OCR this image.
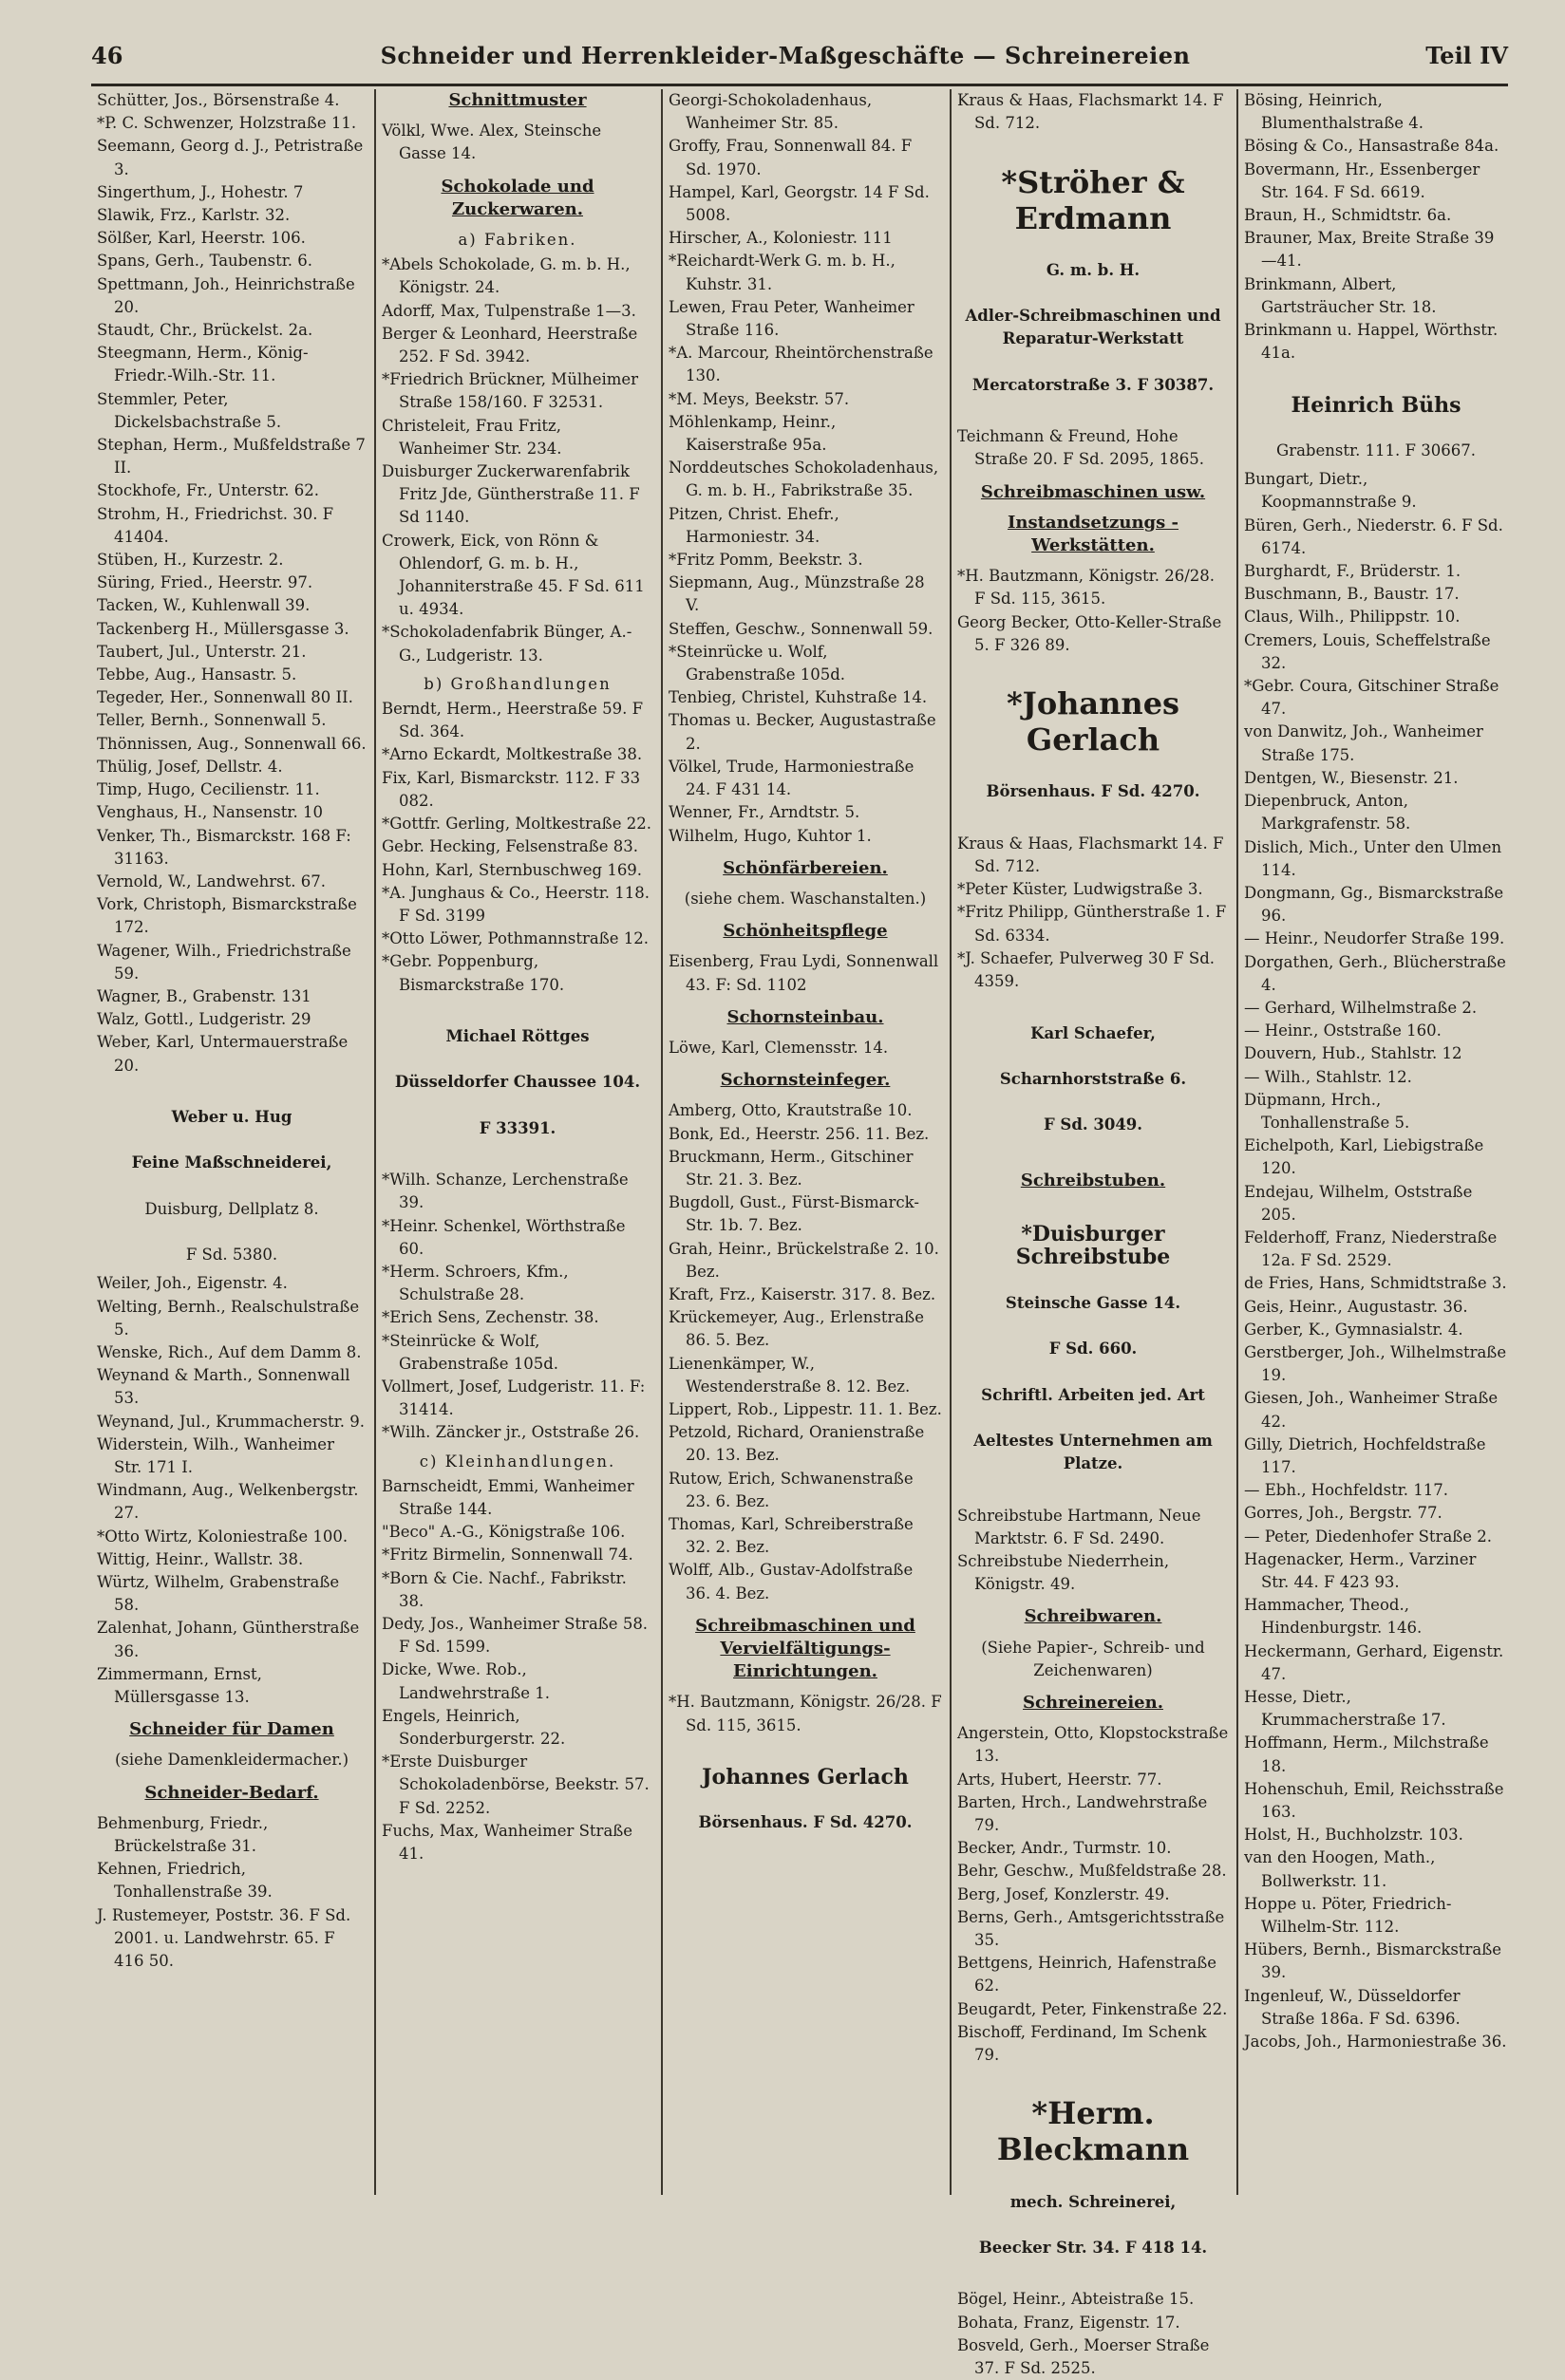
46	Schneider und Herrenkleider-Maßgeschäfte — Schreinereien	Teil IV

Schütter, Jos., Börsenstraße 4.

*P. C. Schwenzer, Holzstraße 11.

Seemann, Georg d. J., Petristraße 3.

Singerthum, J., Hohestr. 7

Slawik, Frz., Karlstr. 32.

Sölßer, Karl, Heerstr. 106.

Spans, Gerh., Taubenstr. 6.

Spettmann, Joh., Heinrichstraße 20.

Staudt, Chr., Brückelst. 2a.

Steegmann, Herm., König-Friedr.-Wilh.-Str. 11.

Stemmler, Peter, Dickelsbachstraße 5.

Stephan, Herm., Mußfeldstraße 7 II.

Stockhofe, Fr., Unterstr. 62.

Strohm, H., Friedrichst. 30. F 41404.

Stüben, H., Kurzestr. 2.

Süring, Fried., Heerstr. 97.

Tacken, W., Kuhlenwall 39.

Tackenberg H., Müllersgasse 3.

Taubert, Jul., Unterstr. 21.

Tebbe, Aug., Hansastr. 5.

Tegeder, Her., Sonnenwall 80 II.

Teller, Bernh., Sonnenwall 5.

Thönnissen, Aug., Sonnenwall 66.

Thülig, Josef, Dellstr. 4.

Timp, Hugo, Cecilienstr. 11.

Venghaus, H., Nansenstr. 10

Venker, Th., Bismarckstr. 168 F: 31163.

Vernold, W., Landwehrst. 67.

Vork, Christoph, Bismarckstraße 172.

Wagener, Wilh., Friedrichstraße 59.

Wagner, B., Grabenstr. 131

Walz, Gottl., Ludgeristr. 29

Weber, Karl, Untermauerstraße 20.

Weber u. Hug

Feine Maßschneiderei,

Duisburg, Dellplatz 8.

F Sd. 5380.

Weiler, Joh., Eigenstr. 4.

Welting, Bernh., Realschulstraße 5.

Wenske, Rich., Auf dem Damm 8.

Weynand & Marth., Sonnenwall 53.

Weynand, Jul., Krummacherstr. 9.

Widerstein, Wilh., Wanheimer Str. 171 I.

Windmann, Aug., Welkenbergstr. 27.

*Otto Wirtz, Koloniestraße 100.

Wittig, Heinr., Wallstr. 38.

Würtz, Wilhelm, Grabenstraße 58.

Zalenhat, Johann, Güntherstraße 36.

Zimmermann, Ernst, Müllersgasse 13.

Schneider für Damen
(siehe Damenkleidermacher.)
Schneider-Bedarf.

Behmenburg, Friedr., Brückelstraße 31.

Kehnen, Friedrich, Tonhallenstraße 39.

J. Rustemeyer, Poststr. 36. F Sd. 2001. u. Landwehrstr. 65. F 416 50.

Schnittmuster

Völkl, Wwe. Alex, Steinsche Gasse 14.

Schokolade und Zuckerwaren.
a) Fabriken.

*Abels Schokolade, G. m. b. H., Königstr. 24.

Adorff, Max, Tulpenstraße 1—3.

Berger & Leonhard, Heerstraße 252. F Sd. 3942.

*Friedrich Brückner, Mülheimer Straße 158/160. F 32531.

Christeleit, Frau Fritz, Wanheimer Str. 234.

Duisburger Zuckerwarenfabrik Fritz Jde, Güntherstraße 11. F Sd 1140.

Crowerk, Eick, von Rönn & Ohlendorf, G. m. b. H., Johanniterstraße 45. F Sd. 611 u. 4934.

*Schokoladenfabrik Bünger, A.-G., Ludgeristr. 13.

b) Großhandlungen

Berndt, Herm., Heerstraße 59. F Sd. 364.

*Arno Eckardt, Moltkestraße 38.

Fix, Karl, Bismarckstr. 112. F 33 082.

*Gottfr. Gerling, Moltkestraße 22.

Gebr. Hecking, Felsenstraße 83.

Hohn, Karl, Sternbuschweg 169.

*A. Junghaus & Co., Heerstr. 118. F Sd. 3199

*Otto Löwer, Pothmannstraße 12.

*Gebr. Poppenburg, Bismarckstraße 170.

Michael Röttges

Düsseldorfer Chaussee 104.

F 33391.

*Wilh. Schanze, Lerchenstraße 39.

*Heinr. Schenkel, Wörthstraße 60.

*Herm. Schroers, Kfm., Schulstraße 28.

*Erich Sens, Zechenstr. 38.

*Steinrücke & Wolf, Grabenstraße 105d.

Vollmert, Josef, Ludgeristr. 11. F: 31414.

*Wilh. Zäncker jr., Oststraße 26.

c) Kleinhandlungen.

Barnscheidt, Emmi, Wanheimer Straße 144.

"Beco" A.-G., Königstraße 106.

*Fritz Birmelin, Sonnenwall 74.

*Born & Cie. Nachf., Fabrikstr. 38.

Dedy, Jos., Wanheimer Straße 58. F Sd. 1599.

Dicke, Wwe. Rob., Landwehrstraße 1.

Engels, Heinrich, Sonderburgerstr. 22.

*Erste Duisburger Schokoladenbörse, Beekstr. 57. F Sd. 2252.

Fuchs, Max, Wanheimer Straße 41.

Georgi-Schokoladenhaus, Wanheimer Str. 85.

Groffy, Frau, Sonnenwall 84. F Sd. 1970.

Hampel, Karl, Georgstr. 14 F Sd. 5008.

Hirscher, A., Koloniestr. 111

*Reichardt-Werk G. m. b. H., Kuhstr. 31.

Lewen, Frau Peter, Wanheimer Straße 116.

*A. Marcour, Rheintörchenstraße 130.

*M. Meys, Beekstr. 57.

Möhlenkamp, Heinr., Kaiserstraße 95a.

Norddeutsches Schokoladenhaus, G. m. b. H., Fabrikstraße 35.

Pitzen, Christ. Ehefr., Harmoniestr. 34.

*Fritz Pomm, Beekstr. 3.

Siepmann, Aug., Münzstraße 28 V.

Steffen, Geschw., Sonnenwall 59.

*Steinrücke u. Wolf, Grabenstraße 105d.

Tenbieg, Christel, Kuhstraße 14.

Thomas u. Becker, Augustastraße 2.

Völkel, Trude, Harmoniestraße 24. F 431 14.

Wenner, Fr., Arndtstr. 5.

Wilhelm, Hugo, Kuhtor 1.

Schönfärbereien.
(siehe chem. Waschanstalten.)
Schönheitspflege

Eisenberg, Frau Lydi, Sonnenwall 43. F: Sd. 1102

Schornsteinbau.

Löwe, Karl, Clemensstr. 14.

Schornsteinfeger.

Amberg, Otto, Krautstraße 10.

Bonk, Ed., Heerstr. 256. 11. Bez.

Bruckmann, Herm., Gitschiner Str. 21. 3. Bez.

Bugdoll, Gust., Fürst-Bismarck-Str. 1b. 7. Bez.

Grah, Heinr., Brückelstraße 2. 10. Bez.

Kraft, Frz., Kaiserstr. 317. 8. Bez.

Krückemeyer, Aug., Erlenstraße 86. 5. Bez.

Lienenkämper, W., Westenderstraße 8. 12. Bez.

Lippert, Rob., Lippestr. 11. 1. Bez.

Petzold, Richard, Oranienstraße 20. 13. Bez.

Rutow, Erich, Schwanenstraße 23. 6. Bez.

Thomas, Karl, Schreiberstraße 32. 2. Bez.

Wolff, Alb., Gustav-Adolfstraße 36. 4. Bez.

Schreibmaschinen und Vervielfältigungs-Einrichtungen.

*H. Bautzmann, Königstr. 26/28. F Sd. 115, 3615.

Johannes Gerlach

Börsenhaus. F Sd. 4270.

Kraus & Haas, Flachsmarkt 14. F Sd. 712.

*Ströher & Erdmann

G. m. b. H.

Adler-Schreibmaschinen und Reparatur-Werkstatt

Mercatorstraße 3. F 30387.

Teichmann & Freund, Hohe Straße 20. F Sd. 2095, 1865.

Schreibmaschinen usw.
Instandsetzungs - Werkstätten.

*H. Bautzmann, Königstr. 26/28. F Sd. 115, 3615.

Georg Becker, Otto-Keller-Straße 5. F 326 89.

*Johannes Gerlach

Börsenhaus. F Sd. 4270.

Kraus & Haas, Flachsmarkt 14. F Sd. 712.

*Peter Küster, Ludwigstraße 3.

*Fritz Philipp, Güntherstraße 1. F Sd. 6334.

*J. Schaefer, Pulverweg 30 F Sd. 4359.

Karl Schaefer,

Scharnhorststraße 6.

F Sd. 3049.

Schreibstuben.

*Duisburger Schreibstube

Steinsche Gasse 14.

F Sd. 660.

Schriftl. Arbeiten jed. Art

Aeltestes Unternehmen am Platze.

Schreibstube Hartmann, Neue Marktstr. 6. F Sd. 2490.

Schreibstube Niederrhein, Königstr. 49.

Schreibwaren.
(Siehe Papier-, Schreib- und Zeichenwaren)
Schreinereien.

Angerstein, Otto, Klopstockstraße 13.

Arts, Hubert, Heerstr. 77.

Barten, Hrch., Landwehrstraße 79.

Becker, Andr., Turmstr. 10.

Behr, Geschw., Mußfeldstraße 28.

Berg, Josef, Konzlerstr. 49.

Berns, Gerh., Amtsgerichtsstraße 35.

Bettgens, Heinrich, Hafenstraße 62.

Beugardt, Peter, Finkenstraße 22.

Bischoff, Ferdinand, Im Schenk 79.

*Herm. Bleckmann

mech. Schreinerei,

Beecker Str. 34. F 418 14.

Bögel, Heinr., Abteistraße 15.

Bohata, Franz, Eigenstr. 17.

Bosveld, Gerh., Moerser Straße 37. F Sd. 2525.

Bösing, Heinrich, Blumenthalstraße 4.

Bösing & Co., Hansastraße 84a.

Bovermann, Hr., Essenberger Str. 164. F Sd. 6619.

Braun, H., Schmidtstr. 6a.

Brauner, Max, Breite Straße 39—41.

Brinkmann, Albert, Gartsträucher Str. 18.

Brinkmann u. Happel, Wörthstr. 41a.

Heinrich Bühs

Grabenstr. 111. F 30667.

Bungart, Dietr., Koopmannstraße 9.

Büren, Gerh., Niederstr. 6. F Sd. 6174.

Burghardt, F., Brüderstr. 1.

Buschmann, B., Baustr. 17.

Claus, Wilh., Philippstr. 10.

Cremers, Louis, Scheffelstraße 32.

*Gebr. Coura, Gitschiner Straße 47.

von Danwitz, Joh., Wanheimer Straße 175.

Dentgen, W., Biesenstr. 21.

Diepenbruck, Anton, Markgrafenstr. 58.

Dislich, Mich., Unter den Ulmen 114.

Dongmann, Gg., Bismarckstraße 96.

— Heinr., Neudorfer Straße 199.

Dorgathen, Gerh., Blücherstraße 4.

— Gerhard, Wilhelmstraße 2.

— Heinr., Oststraße 160.

Douvern, Hub., Stahlstr. 12

— Wilh., Stahlstr. 12.

Düpmann, Hrch., Tonhallenstraße 5.

Eichelpoth, Karl, Liebigstraße 120.

Endejau, Wilhelm, Oststraße 205.

Felderhoff, Franz, Niederstraße 12a. F Sd. 2529.

de Fries, Hans, Schmidtstraße 3.

Geis, Heinr., Augustastr. 36.

Gerber, K., Gymnasialstr. 4.

Gerstberger, Joh., Wilhelmstraße 19.

Giesen, Joh., Wanheimer Straße 42.

Gilly, Dietrich, Hochfeldstraße 117.

— Ebh., Hochfeldstr. 117.

Gorres, Joh., Bergstr. 77.

— Peter, Diedenhofer Straße 2.

Hagenacker, Herm., Varziner Str. 44. F 423 93.

Hammacher, Theod., Hindenburgstr. 146.

Heckermann, Gerhard, Eigenstr. 47.

Hesse, Dietr., Krummacherstraße 17.

Hoffmann, Herm., Milchstraße 18.

Hohenschuh, Emil, Reichsstraße 163.

Holst, H., Buchholzstr. 103.

van den Hoogen, Math., Bollwerkstr. 11.

Hoppe u. Pöter, Friedrich-Wilhelm-Str. 112.

Hübers, Bernh., Bismarckstraße 39.

Ingenleuf, W., Düsseldorfer Straße 186a. F Sd. 6396.

Jacobs, Joh., Harmoniestraße 36.
